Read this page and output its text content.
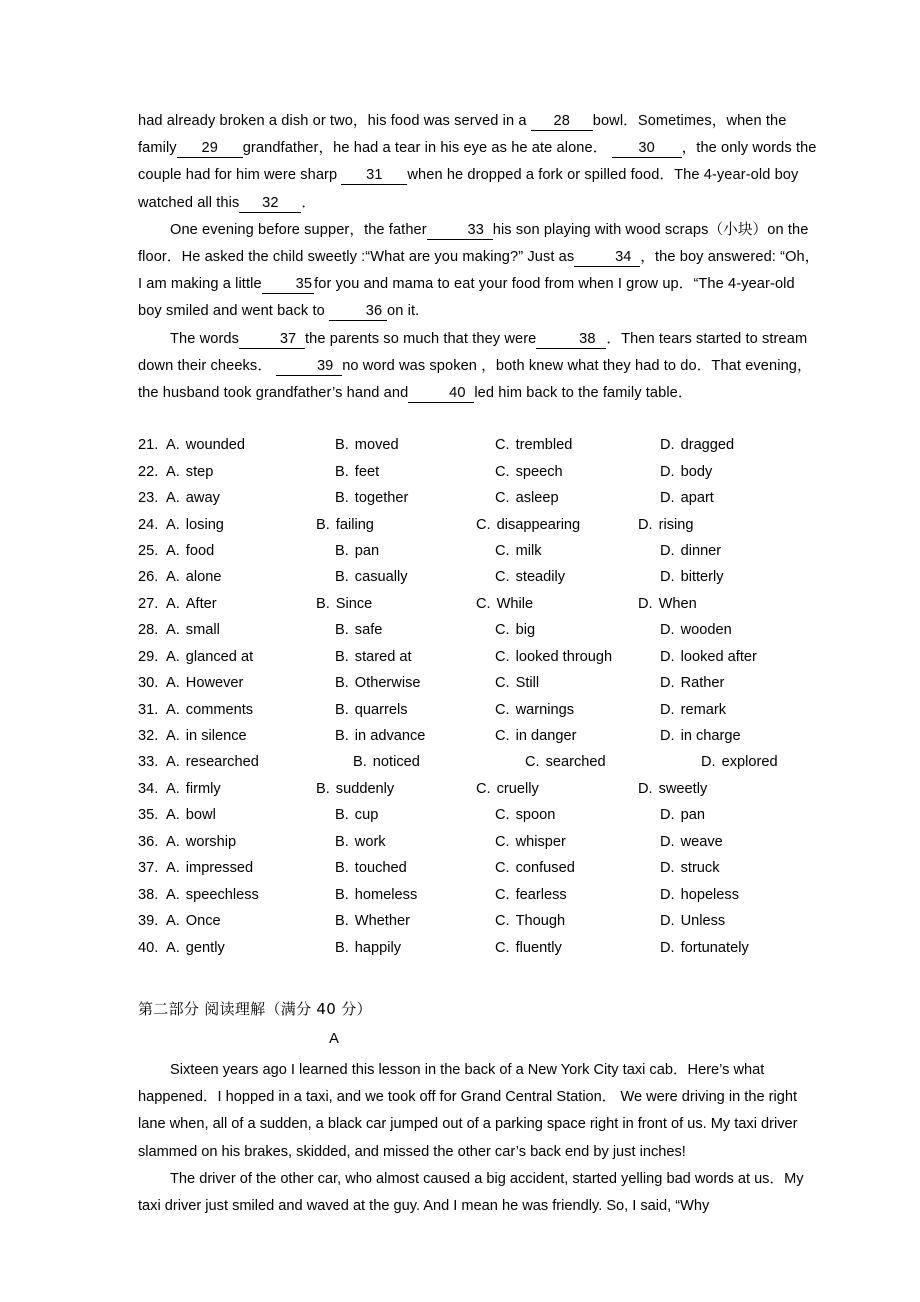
had already broken a dish or two，his food was served in a 28 bowl．Sometimes，when the family 29 grandfather，he had a tear in his eye as he ate alone． 30 ，the only words the couple had for him were sharp 31 when he dropped a fork or spilled food．The 4-year-old boy watched all this 32 ．

One evening before supper，the father	33 his son playing with wood scraps（小块）on the floor．He asked the child sweetly :“What are you making?” Just as	34 ，the boy answered: “Oh，I am making a little 35 for you and mama to eat your food from when I grow up．“The 4-year-old boy smiled and went back to	36 on it.

The words	37 the parents so much that they were	38 ．Then tears started to stream down their cheeks．	39 no word was spoken ，both knew what they had to do．That evening，the husband took grandfather’s hand and	40 led him back to the family table．

21. A. wounded	B. moved	C. trembled	D. dragged
22. A. step	B. feet	C. speech	D. body
23. A. away	B. together	C. asleep	D. apart
24. A. losing	B. failing	C. disappearing	D. rising
25. A. food	B. pan	C. milk	D. dinner
26. A. alone	B. casually	C. steadily	D. bitterly
27. A. After	B. Since	C. While	D. When
28. A. small	B. safe	C. big	D. wooden
29. A. glanced at	B. stared at	C. looked through	D. looked after
30. A. However	B. Otherwise	C. Still	D. Rather
31. A. comments	B. quarrels	C. warnings	D. remark
32. A. in silence	B. in advance	C. in danger	D. in charge
33. A. researched	B. noticed	C. searched	D. explored
34. A. firmly	B. suddenly	C. cruelly	D. sweetly
35. A. bowl	B. cup	C. spoon	D. pan
36. A. worship	B. work	C. whisper	D. weave
37. A. impressed	B. touched	C. confused	D. struck
38. A. speechless	B. homeless	C. fearless	D. hopeless
39. A. Once	B. Whether	C. Though	D. Unless
40. A. gently	B. happily	C. fluently	D. fortunately
第二部分 阅读理解（满分 40 分）
A

Sixteen years ago I learned this lesson in the back of a New York City taxi cab．Here’s what happened．I hopped in a taxi, and we took off for Grand Central Station． We were driving in the right lane when, all of a sudden, a black car jumped out of a parking space right in front of us. My taxi driver slammed on his brakes, skidded, and missed the other car’s back end by just inches!

The driver of the other car, who almost caused a big accident, started yelling bad words at us．My taxi driver just smiled and waved at the guy. And I mean he was friendly. So, I said, “Why
